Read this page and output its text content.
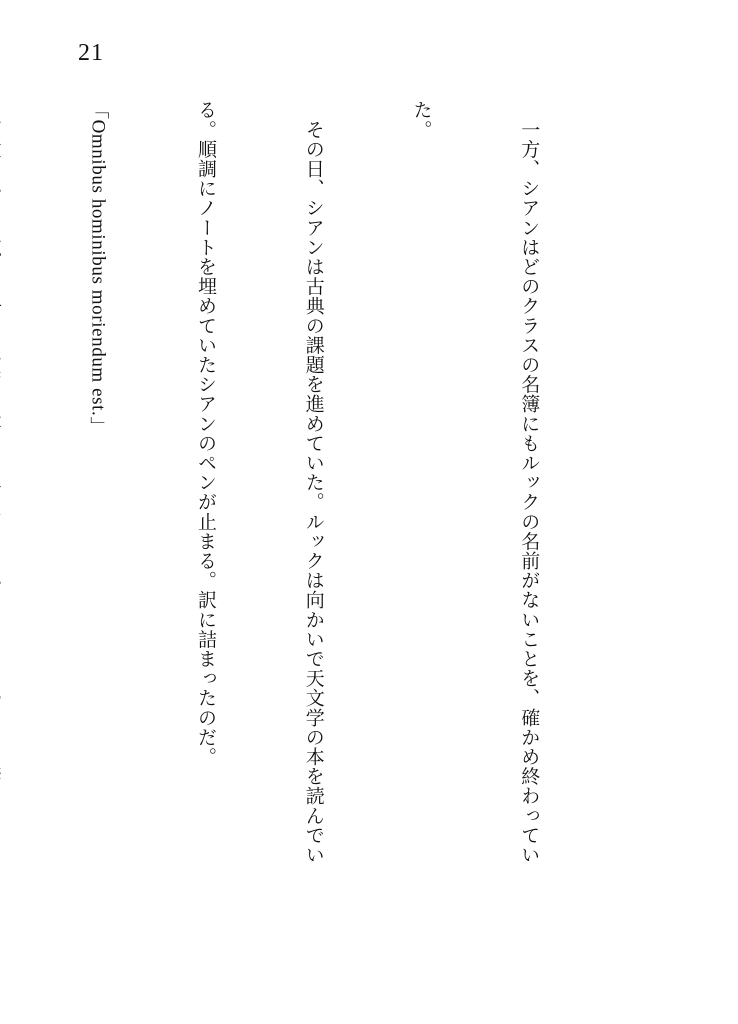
21

　一方、シアンはどのクラスの名簿にもルックの名前がないことを、確かめ終わってい

た。

　その日、シアンは古典の課題を進めていた。ルックは向かいで天文学の本を読んでい

る。順調にノートを埋めていたシアンのペンが止まる。訳に詰まったのだ。

「Omnibus hominibus moriendum est.」
